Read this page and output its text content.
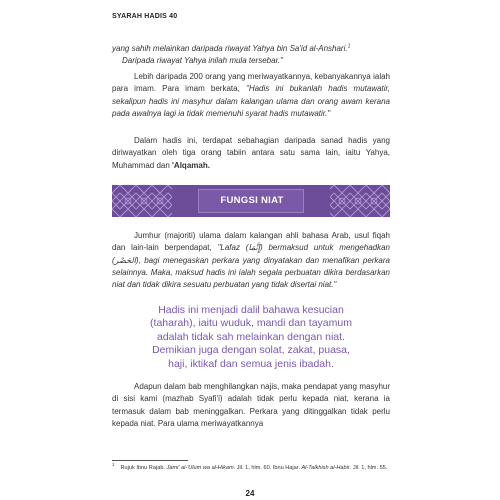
SYARAH HADIS 40

yang sahih melainkan daripada riwayat Yahya bin Sa'id al-Anshari.$^1$

Daripada riwayat Yahya inilah mula tersebar."

Lebih daripada 200 orang yang meriwayatkannya, kebanyakannya ialah para imam. Para imam berkata, "Hadis ini bukanlah hadis mutawatir, sekalipun hadis ini masyhur dalam kalangan ulama dan orang awam kerana pada awalnya lagi ia tidak memenuhi syarat hadis mutawatir."

Dalam hadis ini, terdapat sebahagian daripada sanad hadis yang diriwayatkan oleh tiga orang tabiin antara satu sama lain, iaitu Yahya, Muhammad dan 'Alqamah.

FUNGSI NIAT

Jumhur (majoriti) ulama dalam kalangan ahli bahasa Arab, usul fiqah dan lain-lain berpendapat, "Lafaz (إِنَّمَا) bermaksud untuk mengehadkan (الحَصْر), bagi menegaskan perkara yang dinyatakan dan menafikan perkara selainnya. Maka, maksud hadis ini ialah segala perbuatan dikira berdasarkan niat dan tidak dikira sesuatu perbuatan yang tidak disertai niat."

Hadis ini menjadi dalil bahawa kesucian

(taharah), iaitu wuduk, mandi dan tayamum

adalah tidak sah melainkan dengan niat.

Demikian juga dengan solat, zakat, puasa,

haji, iktikaf dan semua jenis ibadah.

Adapun dalam bab menghilangkan najis, maka pendapat yang masyhur di sisi kami (mazhab Syafi'i) adalah tidak perlu kepada niat, kerana ia termasuk dalam bab meninggalkan. Perkara yang ditinggalkan tidak perlu kepada niat. Para ulama meriwayatkannya

$^1$Rujuk Ibnu Rajab. Jami' al-'Ulum wa al-Hikam. Jil. 1, hlm. 60. Ibnu Hajar. Al-Talkhish al-Habir. Jil. 1, hlm. 55.
24
